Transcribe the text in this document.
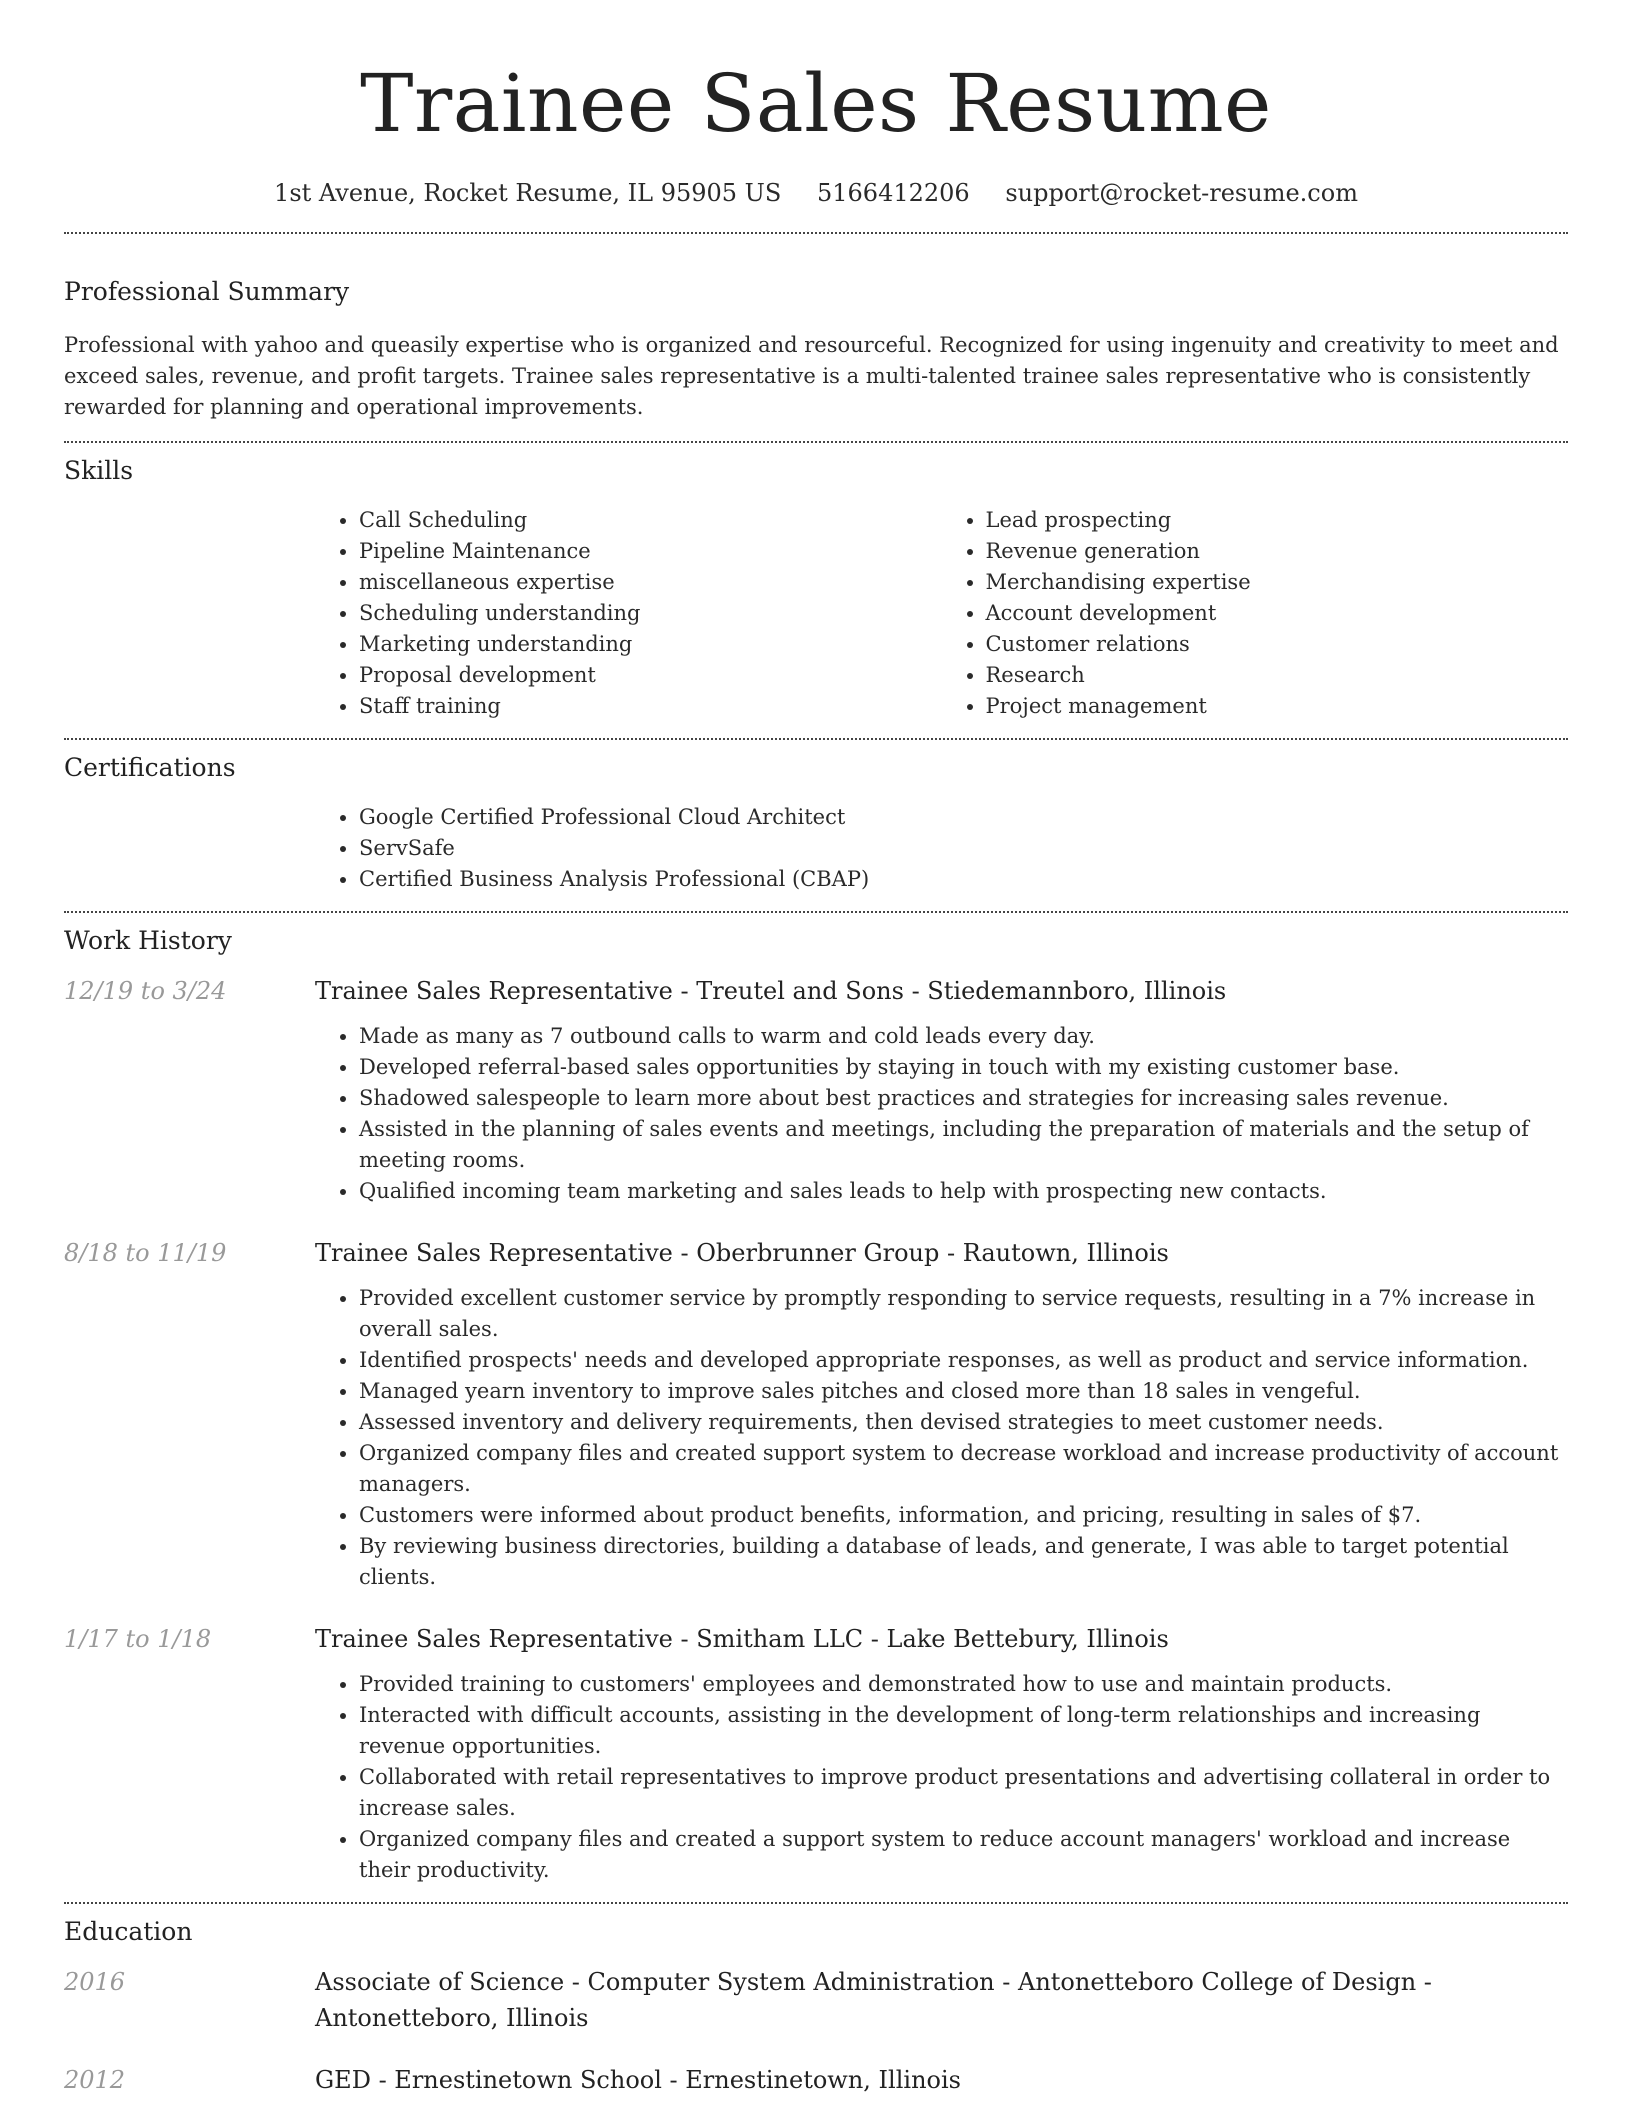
Trainee Sales Resume
1st Avenue, Rocket Resume, IL 95905 US 5166412206 support@rocket-resume.com
Professional Summary

Professional with yahoo and queasily expertise who is organized and resourceful. Recognized for using ingenuity and creativity to meet and exceed sales, revenue, and profit targets. Trainee sales representative is a multi-talented trainee sales representative who is consistently rewarded for planning and operational improvements.

Skills
• Call Scheduling
• Pipeline Maintenance
• miscellaneous expertise
• Scheduling understanding
• Marketing understanding
• Proposal development
• Staff training
• Lead prospecting
• Revenue generation
• Merchandising expertise
• Account development
• Customer relations
• Research
• Project management
Certifications
• Google Certified Professional Cloud Architect
• ServSafe
• Certified Business Analysis Professional (CBAP)
Work History
12/19 to 3/24	Trainee Sales Representative - Treutel and Sons - Stiedemannboro, Illinois
• Made as many as 7 outbound calls to warm and cold leads every day.
• Developed referral-based sales opportunities by staying in touch with my existing customer base.
• Shadowed salespeople to learn more about best practices and strategies for increasing sales revenue.
• Assisted in the planning of sales events and meetings, including the preparation of materials and the setup of meeting rooms.
• Qualified incoming team marketing and sales leads to help with prospecting new contacts.
8/18 to 11/19	Trainee Sales Representative - Oberbrunner Group - Rautown, Illinois
• Provided excellent customer service by promptly responding to service requests, resulting in a 7% increase in overall sales.
• Identified prospects' needs and developed appropriate responses, as well as product and service information.
• Managed yearn inventory to improve sales pitches and closed more than 18 sales in vengeful.
• Assessed inventory and delivery requirements, then devised strategies to meet customer needs.
• Organized company files and created support system to decrease workload and increase productivity of account managers.
• Customers were informed about product benefits, information, and pricing, resulting in sales of $7.
• By reviewing business directories, building a database of leads, and generate, I was able to target potential clients.
1/17 to 1/18	Trainee Sales Representative - Smitham LLC - Lake Bettebury, Illinois
• Provided training to customers' employees and demonstrated how to use and maintain products.
• Interacted with difficult accounts, assisting in the development of long-term relationships and increasing revenue opportunities.
• Collaborated with retail representatives to improve product presentations and advertising collateral in order to increase sales.
• Organized company files and created a support system to reduce account managers' workload and increase their productivity.
Education
2016	Associate of Science - Computer System Administration - Antonetteboro College of Design - Antonetteboro, Illinois
2012	GED - Ernestinetown School - Ernestinetown, Illinois
